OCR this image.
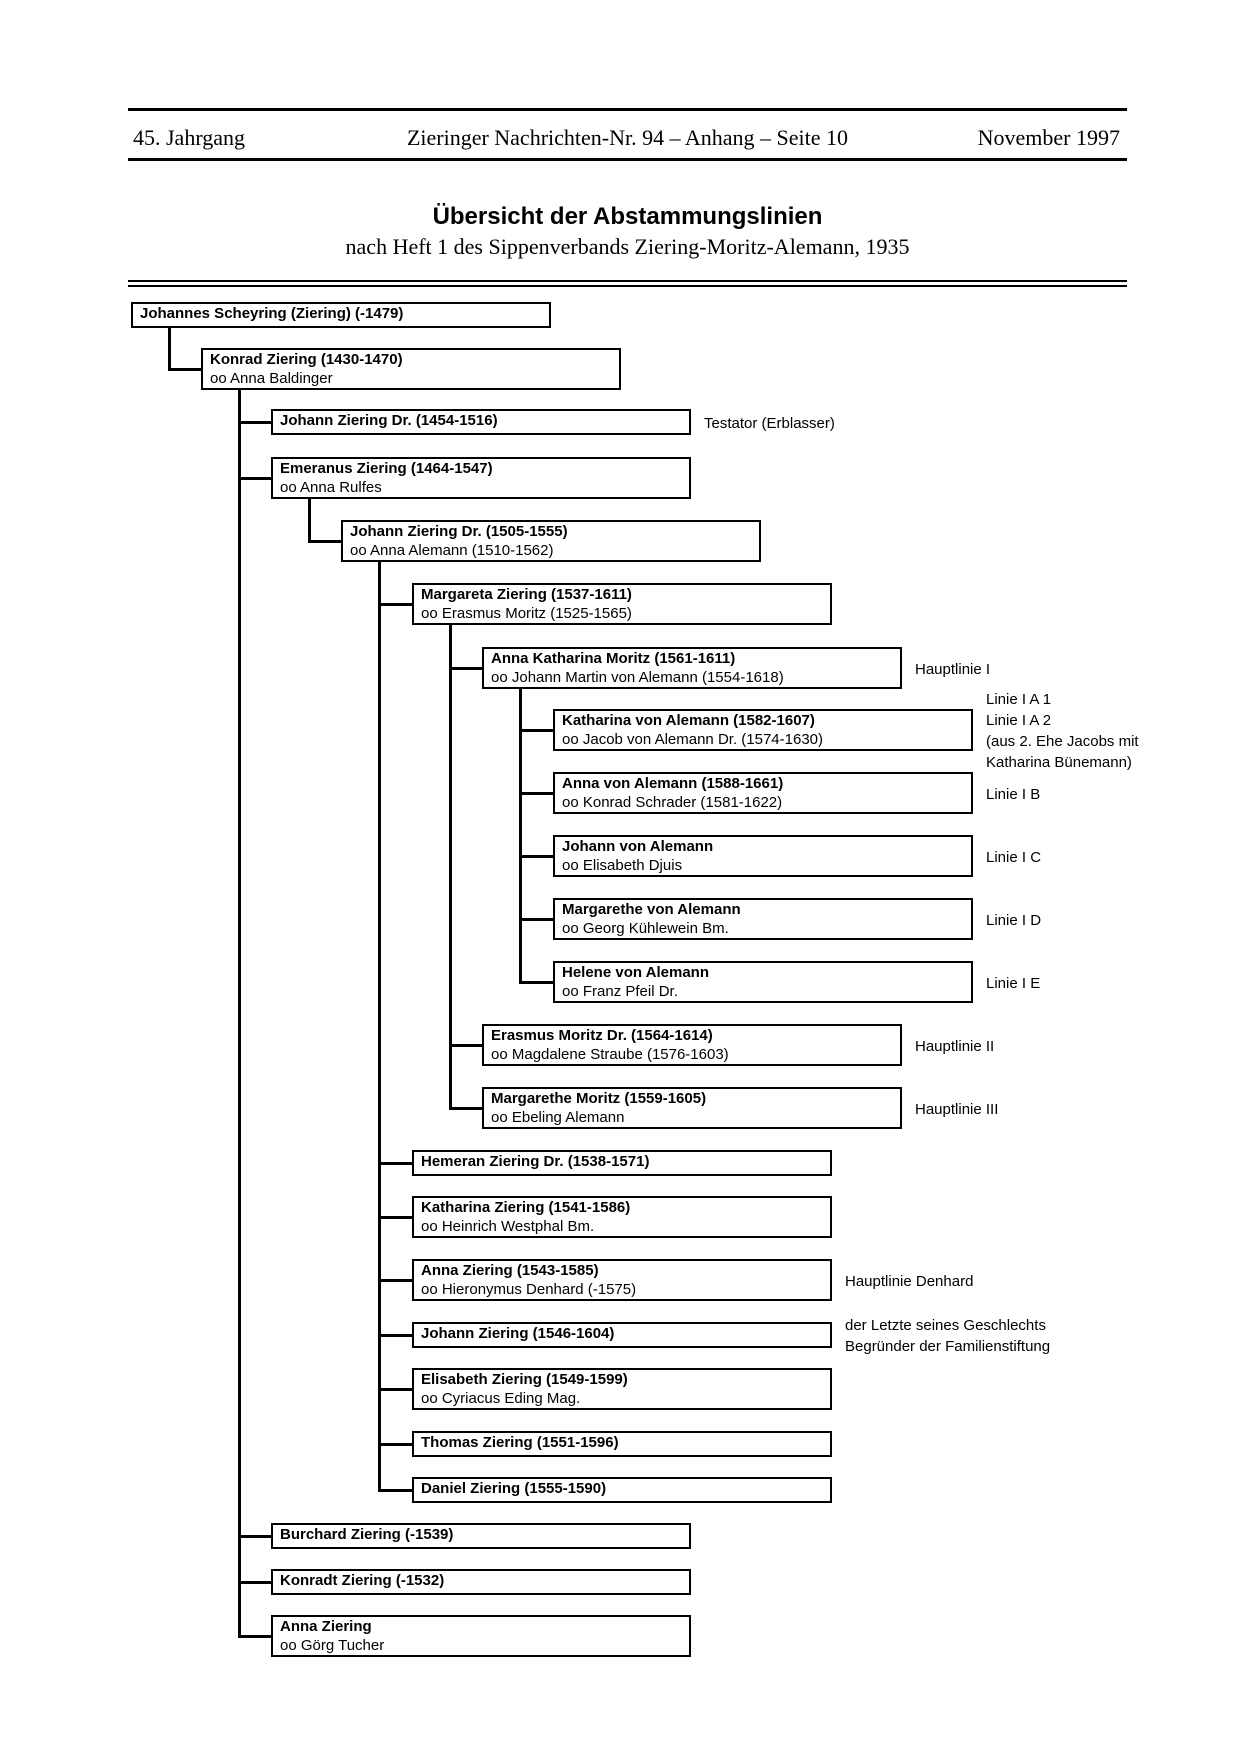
45. Jahrgang	Zieringer Nachrichten-Nr. 94 – Anhang – Seite 10	November 1997
Übersicht der Abstammungslinien
nach Heft 1 des Sippenverbands Ziering-Moritz-Alemann, 1935
Johannes Scheyring (Ziering) (-1479)
Konrad Ziering (1430-1470)
oo Anna Baldinger
Johann Ziering Dr. (1454-1516)	Testator (Erblasser)
Emeranus Ziering (1464-1547)
oo Anna Rulfes
Johann Ziering Dr. (1505-1555)
oo Anna Alemann (1510-1562)
Margareta Ziering (1537-1611)
oo Erasmus Moritz (1525-1565)
Anna Katharina Moritz (1561-1611)
oo Johann Martin von Alemann (1554-1618)	Hauptlinie I
Katharina von Alemann (1582-1607)
oo Jacob von Alemann Dr. (1574-1630)
Linie I A 1
Linie I A 2
(aus 2. Ehe Jacobs mit
Katharina Bünemann)
Anna von Alemann (1588-1661)
oo Konrad Schrader (1581-1622)	Linie I B
Johann von Alemann
oo Elisabeth Djuis	Linie I C
Margarethe von Alemann
oo Georg Kühlewein Bm.	Linie I D
Helene von Alemann
oo Franz Pfeil Dr.	Linie I E
Erasmus Moritz Dr. (1564-1614)
oo Magdalene Straube (1576-1603)	Hauptlinie II
Margarethe Moritz (1559-1605)
oo Ebeling Alemann	Hauptlinie III
Hemeran Ziering Dr. (1538-1571)
Katharina Ziering (1541-1586)
oo Heinrich Westphal Bm.
Anna Ziering (1543-1585)
oo Hieronymus Denhard (-1575)	Hauptlinie Denhard
Johann Ziering (1546-1604)	der Letzte seines Geschlechts
Begründer der Familienstiftung
Elisabeth Ziering (1549-1599)
oo Cyriacus Eding Mag.
Thomas Ziering (1551-1596)
Daniel Ziering (1555-1590)
Burchard Ziering (-1539)
Konradt Ziering (-1532)
Anna Ziering
oo Görg Tucher
